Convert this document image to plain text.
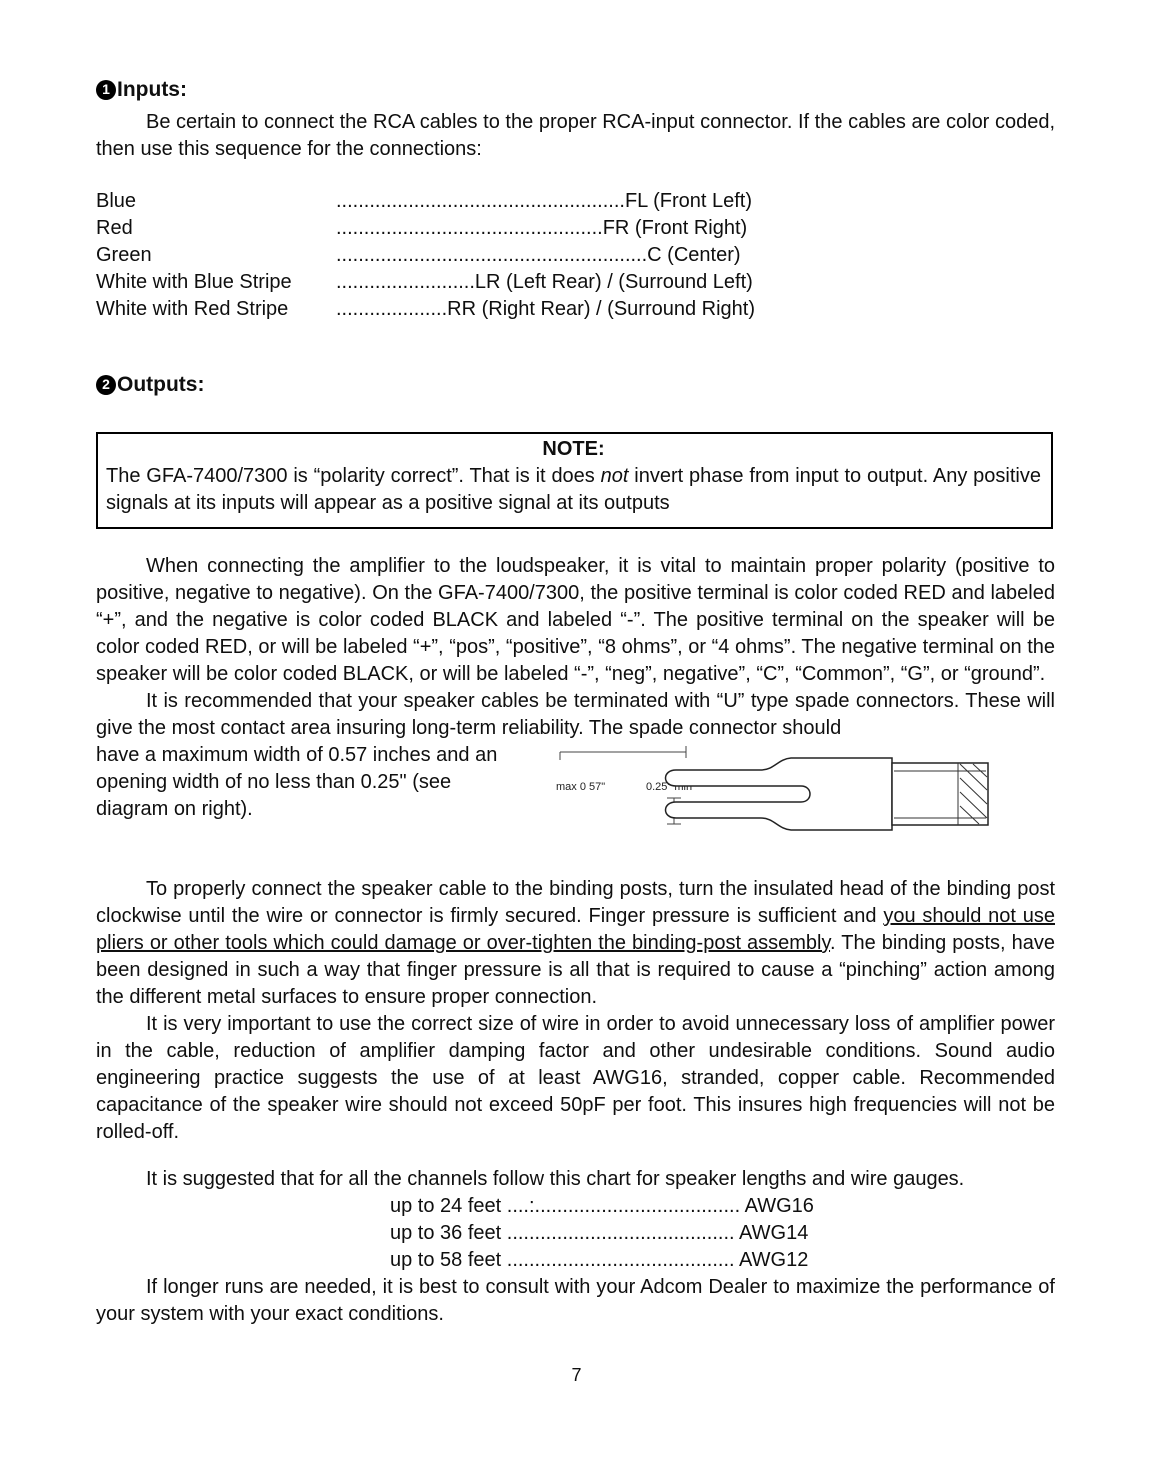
1 Inputs:

Be certain to connect the RCA cables to the proper RCA-input connector. If the cables are color coded, then use this sequence for the connections:

Blue	.................................................... FL (Front Left)
Red	................................................ FR (Front Right)
Green	........................................................ C (Center)
White with Blue Stripe	......................... LR (Left Rear) / (Surround Left)
White with Red Stripe	.................... RR (Right Rear) / (Surround Right)
2 Outputs:
NOTE:
The GFA-7400/7300 is “polarity correct”. That is it does not invert phase from input to output. Any positive signals at its inputs will appear as a positive signal at its outputs

When connecting the amplifier to the loudspeaker, it is vital to maintain proper polarity (positive to positive, negative to negative). On the GFA-7400/7300, the positive terminal is color coded RED and labeled “+”, and the negative is color coded BLACK and labeled “-”. The positive terminal on the speaker will be color coded RED, or will be labeled “+”, “pos”, “positive”, “8 ohms”, or “4 ohms”. The negative terminal on the speaker will be color coded BLACK, or will be labeled “-”, “neg”, negative”, “C”, “Common”, “G”, or “ground”.

It is recommended that your speaker cables be terminated with “U” type spade connectors. These will give the most contact area insuring long-term reliability. The spade connector should

have a maximum width of 0.57 inches and an opening width of no less than 0.25" (see diagram on right).

max 0 57"	0.25" min

To properly connect the speaker cable to the binding posts, turn the insulated head of the binding post clockwise until the wire or connector is firmly secured. Finger pressure is sufficient and you should not use pliers or other tools which could damage or over-tighten the binding-post assembly. The binding posts, have been designed in such a way that finger pressure is all that is required to cause a “pinching” action among the different metal surfaces to ensure proper connection.

It is very important to use the correct size of wire in order to avoid unnecessary loss of amplifier power in the cable, reduction of amplifier damping factor and other undesirable conditions. Sound audio engineering practice suggests the use of at least AWG16, stranded, copper cable. Recommended capacitance of the speaker wire should not exceed 50pF per foot. This insures high frequencies will not be rolled-off.

It is suggested that for all the channels follow this chart for speaker lengths and wire gauges.

up to 24 feet ....:..................................... AWG16
up to 36 feet ......................................... AWG14
up to 58 feet ......................................... AWG12

If longer runs are needed, it is best to consult with your Adcom Dealer to maximize the performance of your system with your exact conditions.

7
